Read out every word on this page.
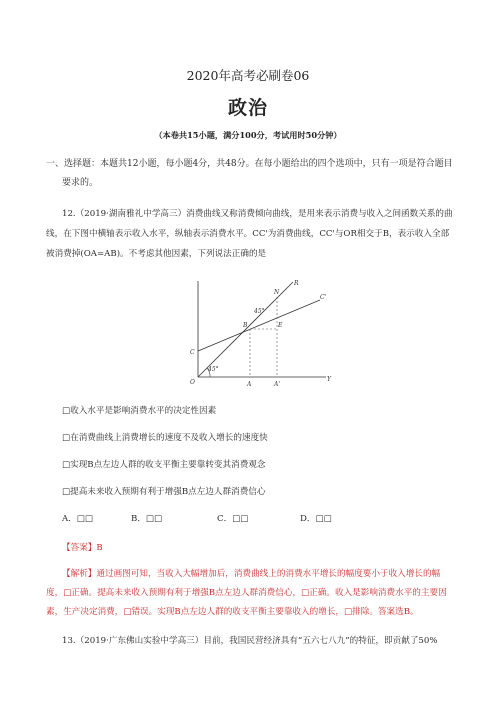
2020年高考必刷卷06
政治
（本卷共15小题，满分100分，考试用时50分钟）
一、选择题：本题共12小题，每小题4分，共48分。在每小题给出的四个选项中，只有一项是符合题目
要求的。
12.（2019·湖南雅礼中学高三）消费曲线又称消费倾向曲线，是用来表示消费与收入之间函数关系的曲
线，在下图中横轴表示收入水平，纵轴表示消费水平。CC'为消费曲线，CC'与OR相交于B，表示收入全部
被消费掉(OA=AB)。不考虑其他因素，下列说法正确的是
O	Y
C
A	A'
B	E
N
R
C'
45°
45°
□收入水平是影响消费水平的决定性因素
□在消费曲线上消费增长的速度不及收入增长的速度快
□实现B点左边人群的收支平衡主要靠转变其消费观念
□提高未来收入预期有利于增强B点左边人群消费信心
A．□□	B．□□	C．□□	D．□□
【答案】B
【解析】通过画图可知，当收入大幅增加后，消费曲线上的消费水平增长的幅度要小于收入增长的幅
度，□正确。提高未来收入预期有利于增强B点左边人群消费信心，□正确。收入是影响消费水平的主要因
素，生产决定消费，□错误。实现B点左边人群的收支平衡主要靠收入的增长，□排除。答案选B。
13.（2019·广东佛山实验中学高三）目前，我国民营经济具有“五六七八九”的特征，即贡献了50%
